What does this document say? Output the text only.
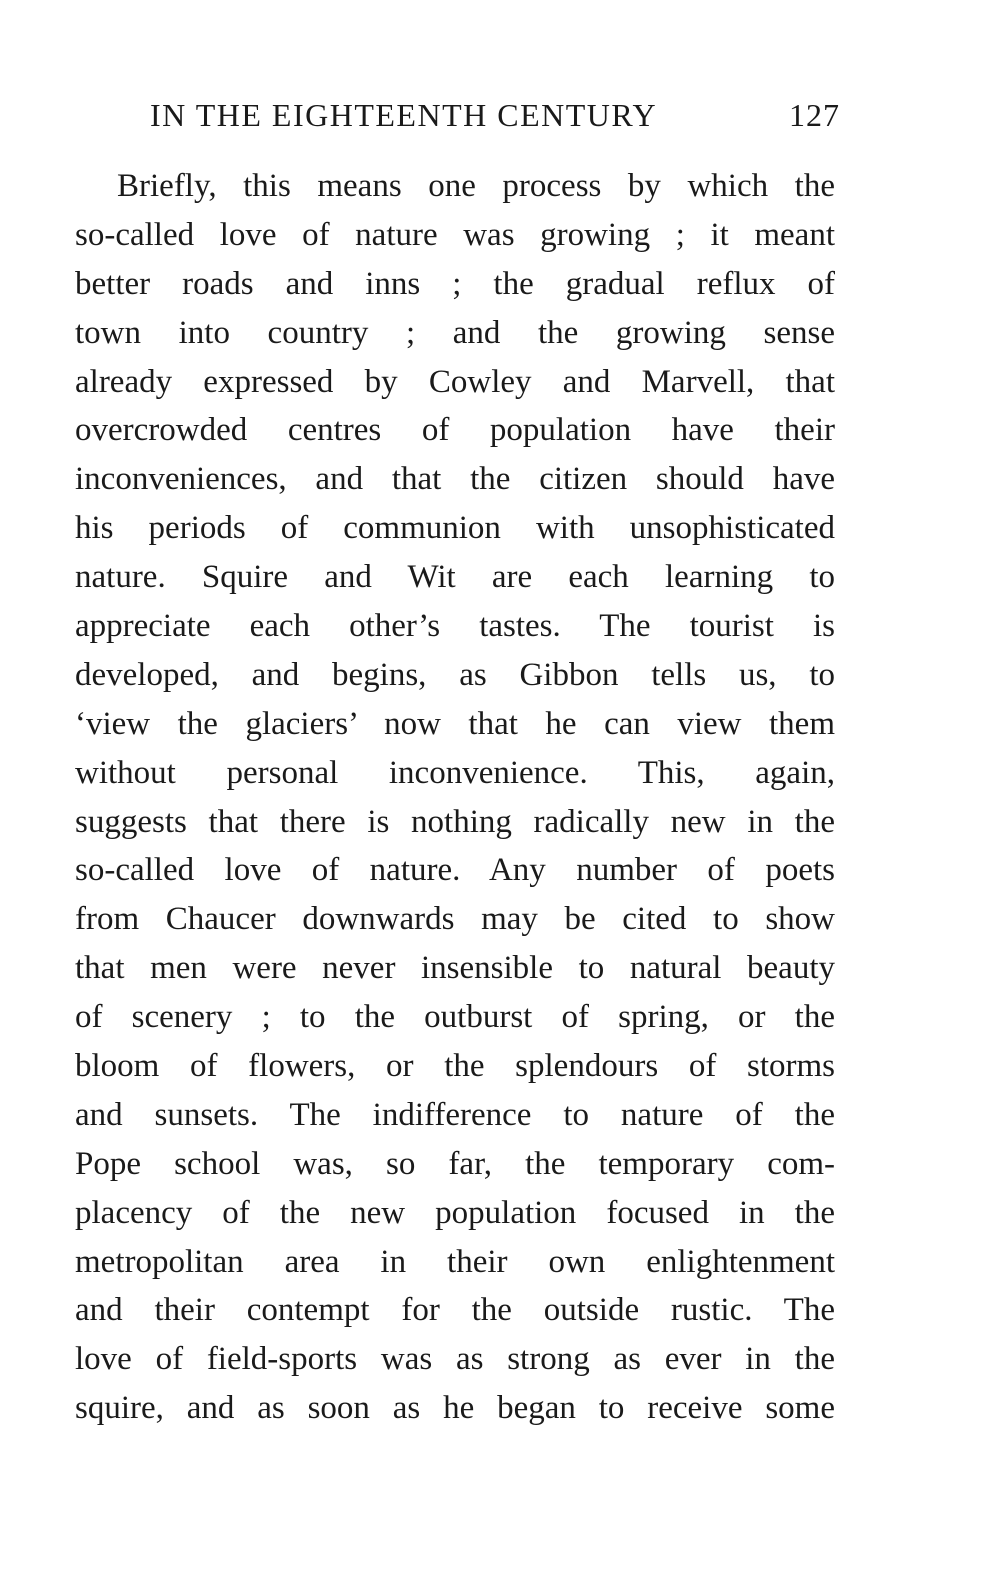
IN THE EIGHTEENTH CENTURY	127
Briefly, this means one process by which the
so-called love of nature was growing ; it meant
better roads and inns ; the gradual reflux of
town into country ; and the growing sense
already expressed by Cowley and Marvell, that
overcrowded centres of population have their
inconveniences, and that the citizen should have
his periods of communion with unsophisticated
nature. Squire and Wit are each learning to
appreciate each other’s tastes. The tourist is
developed, and begins, as Gibbon tells us, to
‘view the glaciers’ now that he can view them
without personal inconvenience. This, again,
suggests that there is nothing radically new in the
so-called love of nature. Any number of poets
from Chaucer downwards may be cited to show
that men were never insensible to natural beauty
of scenery ; to the outburst of spring, or the
bloom of flowers, or the splendours of storms
and sunsets. The indifference to nature of the
Pope school was, so far, the temporary com-
placency of the new population focused in the
metropolitan area in their own enlightenment
and their contempt for the outside rustic. The
love of field-sports was as strong as ever in the
squire, and as soon as he began to receive some
